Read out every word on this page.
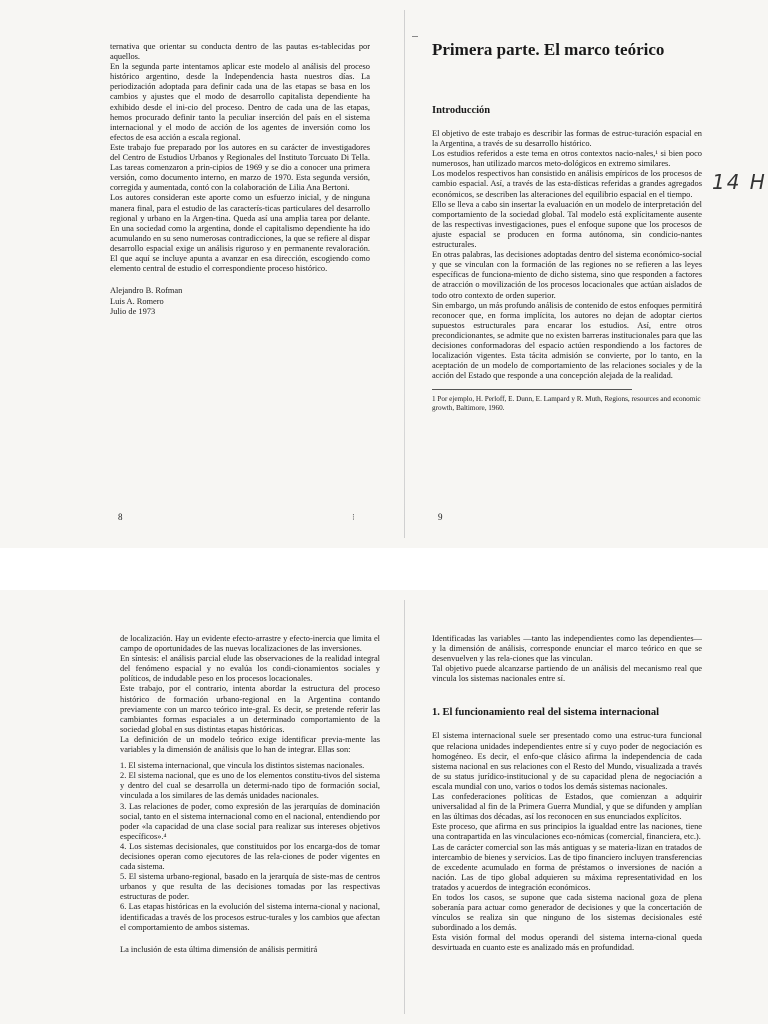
ternativa que orientar su conducta dentro de las pautas es-tablecidas por aquellos.

En la segunda parte intentamos aplicar este modelo al análisis del proceso histórico argentino, desde la Independencia hasta nuestros días. La periodización adoptada para definir cada una de las etapas se basa en los cambios y ajustes que el modo de desarrollo capitalista dependiente ha exhibido desde el ini-cio del proceso. Dentro de cada una de las etapas, hemos procurado definir tanto la peculiar inserción del país en el sistema internacional y el modo de acción de los agentes de inversión como los efectos de esa acción a escala regional.

Este trabajo fue preparado por los autores en su carácter de investigadores del Centro de Estudios Urbanos y Regionales del Instituto Torcuato Di Tella. Las tareas comenzaron a prin-cipios de 1969 y se dio a conocer una primera versión, como documento interno, en marzo de 1970. Esta segunda versión, corregida y aumentada, contó con la colaboración de Lilia Ana Bertoni.

Los autores consideran este aporte como un esfuerzo inicial, y de ninguna manera final, para el estudio de las caracterís-ticas particulares del desarrollo regional y urbano en la Argen-tina. Queda así una amplia tarea por delante. En una sociedad como la argentina, donde el capitalismo dependiente ha ido acumulando en su seno numerosas contradicciones, la que se refiere al dispar desarrollo espacial exige un análisis riguroso y en permanente revaloración. El que aquí se incluye apunta a avanzar en esa dirección, escogiendo como elemento central de estudio el correspondiente proceso histórico.

Alejandro B. Rofman
Luis A. Romero
Julio de 1973
8	⁝
Primera parte. El marco teórico
Introducción

El objetivo de este trabajo es describir las formas de estruc-turación espacial en la Argentina, a través de su desarrollo histórico.

Los estudios referidos a este tema en otros contextos nacio-nales,¹ si bien poco numerosos, han utilizado marcos meto-dológicos en extremo similares.

Los modelos respectivos han consistido en análisis empíricos de los procesos de cambio espacial. Así, a través de las esta-dísticas referidas a grandes agregados económicos, se describen las alteraciones del equilibrio espacial en el tiempo.

Ello se lleva a cabo sin insertar la evaluación en un modelo de interpretación del comportamiento de la sociedad global. Tal modelo está explícitamente ausente de las respectivas investigaciones, pues el enfoque supone que los procesos de ajuste espacial se producen en forma autónoma, sin condicio-nantes estructurales.

En otras palabras, las decisiones adoptadas dentro del sistema económico-social y que se vinculan con la formación de las regiones no se refieren a las leyes específicas de funciona-miento de dicho sistema, sino que responden a factores de atracción o movilización de los procesos locacionales que actúan aislados de todo otro contexto de orden superior.

Sin embargo, un más profundo análisis de contenido de estos enfoques permitirá reconocer que, en forma implícita, los autores no dejan de adoptar ciertos supuestos estructurales para encarar los estudios. Así, entre otros precondicionantes, se admite que no existen barreras institucionales para que las decisiones conformadoras del espacio actúen respondiendo a los factores de localización vigentes. Esta tácita admisión se convierte, por lo tanto, en la aceptación de un modelo de comportamiento de las relaciones sociales y de la acción del Estado que responde a una concepción alejada de la realidad.

1 Por ejemplo, H. Perloff, E. Dunn, E. Lampard y R. Muth, Regions, resources and economic growth, Baltimore, 1960.

9
14 H

de localización. Hay un evidente efecto-arrastre y efecto-inercia que limita el campo de oportunidades de las nuevas localizaciones de las inversiones.

En síntesis: el análisis parcial elude las observaciones de la realidad integral del fenómeno espacial y no evalúa los condi-cionamientos sociales y políticos, de indudable peso en los procesos locacionales.

Este trabajo, por el contrario, intenta abordar la estructura del proceso histórico de formación urbano-regional en la Argentina contando previamente con un marco teórico inte-gral. Es decir, se pretende referir las cambiantes formas espaciales a un determinado comportamiento de la sociedad global en sus distintas etapas históricas.

La definición de un modelo teórico exige identificar previa-mente las variables y la dimensión de análisis que lo han de integrar. Ellas son:

1. El sistema internacional, que vincula los distintos sistemas nacionales.

2. El sistema nacional, que es uno de los elementos constitu-tivos del sistema y dentro del cual se desarrolla un determi-nado tipo de formación social, vinculada a los similares de las demás unidades nacionales.

3. Las relaciones de poder, como expresión de las jerarquías de dominación social, tanto en el sistema internacional como en el nacional, entendiendo por poder «la capacidad de una clase social para realizar sus intereses objetivos específicos».⁴

4. Los sistemas decisionales, que constituidos por los encarga-dos de tomar decisiones operan como ejecutores de las rela-ciones de poder vigentes en cada sistema.

5. El sistema urbano-regional, basado en la jerarquía de siste-mas de centros urbanos y que resulta de las decisiones tomadas por las respectivas estructuras de poder.

6. Las etapas históricas en la evolución del sistema interna-cional y nacional, identificadas a través de los procesos estruc-turales y los cambios que afectan el comportamiento de ambos sistemas.

La inclusión de esta última dimensión de análisis permitirá

Identificadas las variables —tanto las independientes como las dependientes— y la dimensión de análisis, corresponde enunciar el marco teórico en que se desenvuelven y las rela-ciones que las vinculan.

Tal objetivo puede alcanzarse partiendo de un análisis del mecanismo real que vincula los sistemas nacionales entre sí.

1. El funcionamiento real del sistema internacional

El sistema internacional suele ser presentado como una estruc-tura funcional que relaciona unidades independientes entre sí y cuyo poder de negociación es homogéneo. Es decir, el enfo-que clásico afirma la independencia de cada sistema nacional en sus relaciones con el Resto del Mundo, visualizada a través de su status jurídico-institucional y de su capacidad plena de negociación a escala mundial con uno, varios o todos los demás sistemas nacionales.

Las confederaciones políticas de Estados, que comienzan a adquirir universalidad al fin de la Primera Guerra Mundial, y que se difunden y amplían en las últimas dos décadas, así los reconocen en sus enunciados explícitos.

Este proceso, que afirma en sus principios la igualdad entre las naciones, tiene una contrapartida en las vinculaciones eco-nómicas (comercial, financiera, etc.).

Las de carácter comercial son las más antiguas y se materia-lizan en tratados de intercambio de bienes y servicios. Las de tipo financiero incluyen transferencias de excedente acumulado en forma de préstamos o inversiones de nación a nación. Las de tipo global adquieren su máxima representatividad en los tratados y acuerdos de integración económicos.

En todos los casos, se supone que cada sistema nacional goza de plena soberanía para actuar como generador de decisiones y que la concertación de vínculos se realiza sin que ninguno de los sistemas decisionales esté subordinado a los demás.

Esta visión formal del modus operandi del sistema interna-cional queda desvirtuada en cuanto este es analizado más en profundidad.
